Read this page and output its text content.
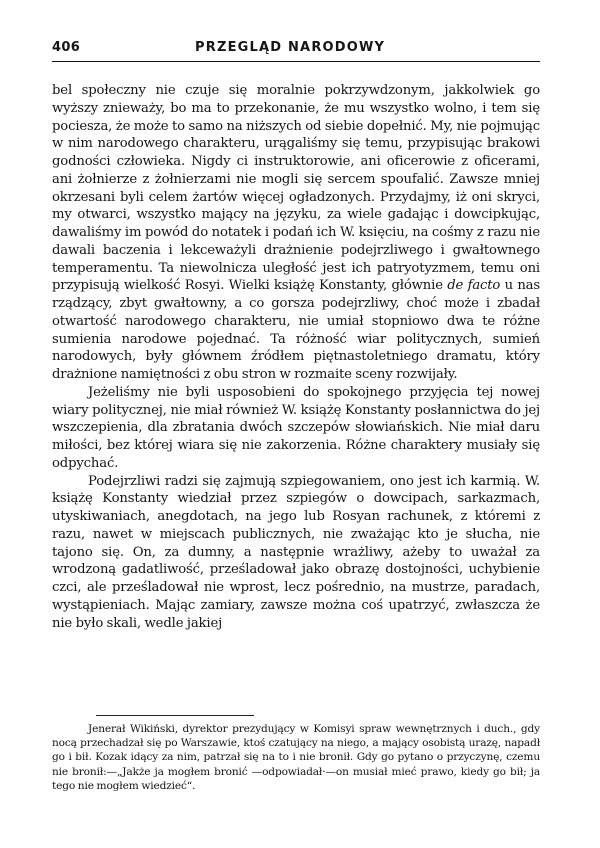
406	PRZEGLĄD NARODOWY

bel społeczny nie czuje się moralnie pokrzywdzonym, jakkolwiek go wyższy znieważy, bo ma to przekonanie, że mu wszystko wolno, i tem się pociesza, że może to samo na niższych od siebie dopełnić. My, nie pojmując w nim narodowego charakteru, urągaliśmy się temu, przypisując brakowi godności człowieka. Nigdy ci instruktorowie, ani oficerowie z oficerami, ani żołnierze z żołnierzami nie mogli się sercem spoufalić. Zawsze mniej okrzesani byli celem żartów więcej ogładzonych. Przydajmy, iż oni skryci, my otwarci, wszystko mający na języku, za wiele gadając i dowcipkując, dawaliśmy im powód do notatek i podań ich W. księciu, na cośmy z razu nie dawali baczenia i lekceważyli drażnienie podejrzliwego i gwałtownego temperamentu. Ta niewolnicza uległość jest ich patryotyzmem, temu oni przypisują wielkość Rosyi. Wielki książę Konstanty, głównie de facto u nas rządzący, zbyt gwałtowny, a co gorsza podejrzliwy, choć może i zbadał otwartość narodowego charakteru, nie umiał stopniowo dwa te różne sumienia narodowe pojednać. Ta różność wiar politycznych, sumień narodowych, były głównem źródłem piętnastoletniego dramatu, który drażnione namiętności z obu stron w rozmaite sceny rozwijały.

Jeżeliśmy nie byli usposobieni do spokojnego przyjęcia tej nowej wiary politycznej, nie miał również W. książę Konstanty posłannictwa do jej wszczepienia, dla zbratania dwóch szczepów słowiańskich. Nie miał daru miłości, bez której wiara się nie zakorzenia. Różne charaktery musiały się odpychać.

Podejrzliwi radzi się zajmują szpiegowaniem, ono jest ich karmią. W. książę Konstanty wiedział przez szpiegów o dowcipach, sarkazmach, utyskiwaniach, anegdotach, na jego lub Rosyan rachunek, z któremi z razu, nawet w miejscach publicznych, nie zważając kto je słucha, nie tajono się. On, za dumny, a następnie wrażliwy, ażeby to uważał za wrodzoną gadatliwość, prześladował jako obrazę dostojności, uchybienie czci, ale prześladował nie wprost, lecz pośrednio, na mustrze, paradach, wystąpieniach. Mając zamiary, zawsze można coś upatrzyć, zwłaszcza że nie było skali, wedle jakiej

Jenerał Wikiński, dyrektor prezydujący w Komisyi spraw wewnętrznych i duch., gdy nocą przechadzał się po Warszawie, ktoś czatujący na niego, a mający osobistą urazę, napadł go i bił. Kozak idący za nim, patrzał się na to i nie bronił. Gdy go pytano o przyczynę, czemu nie bronił:—„Jakże ja mogłem bronić —odpowiadał·—on musiał mieć prawo, kiedy go bił; ja tego nie mogłem wiedzieć“.
